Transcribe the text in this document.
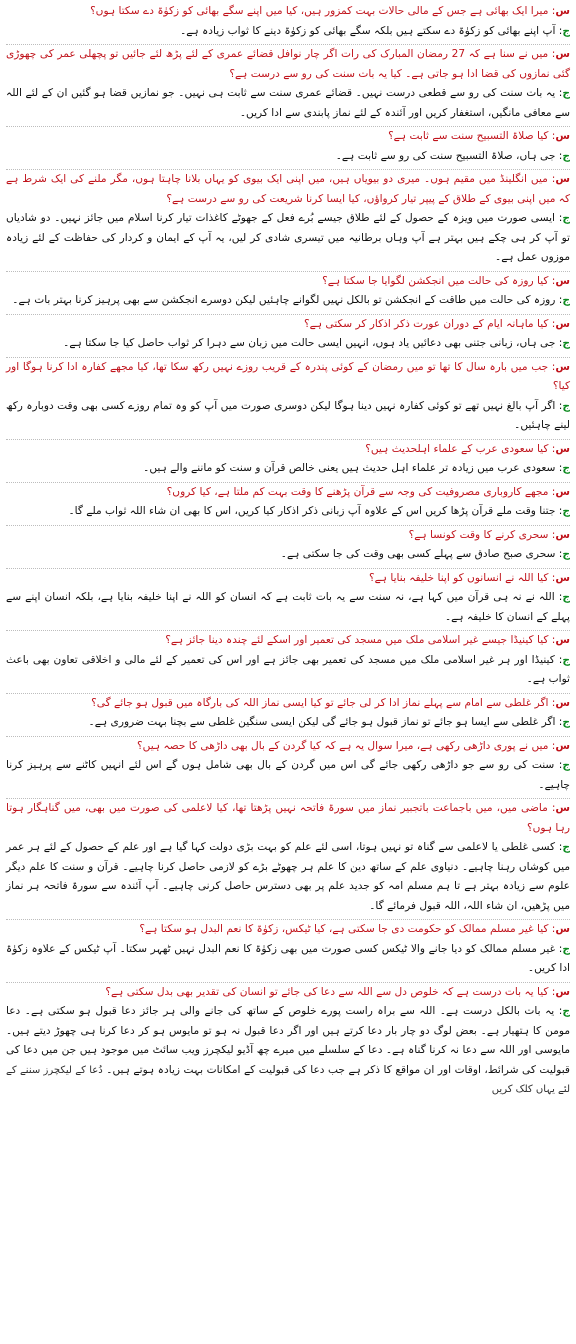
س: میرا ایک بھائی ہے جس کے مالی حالات بہت کمزور ہیں، کیا میں اپنے سگے بھائی کو زکوٰۃ دے سکتا ہوں؟
ج: آپ اپنے بھائی کو زکوٰۃ دے سکتے ہیں بلکہ سگے بھائی کو زکوٰۃ دینے کا ثواب زیادہ ہے۔

س: میں نے سنا ہے کہ 27 رمضان المبارک کی رات اگر چار نوافل قضائے عمری کے لئے پڑھ لئے جائیں تو پچھلی عمر کی چھوڑی گئی نمازوں کی قضا ادا ہو جاتی ہے۔ کیا یہ بات سنت کی رو سے درست ہے؟
ج: یہ بات سنت کی رو سے قطعی درست نہیں۔ قضائے عمری سنت سے ثابت ہی نہیں۔ جو نمازیں قضا ہو گئیں ان کے لئے اللہ سے معافی مانگیں، استغفار کریں اور آئندہ کے لئے نماز پابندی سے ادا کریں۔

س: کیا صلاۃ التسبیح سنت سے ثابت ہے؟
ج: جی ہاں، صلاۃ التسبیح سنت کی رو سے ثابت ہے۔

س: میں انگلینڈ میں مقیم ہوں۔ میری دو بیویاں ہیں، میں اپنی ایک بیوی کو یہاں بلانا چاہتا ہوں، مگر ملنے کی ایک شرط ہے کہ میں اپنی بیوی کے طلاق کے پیپر تیار کرواؤں، کیا ایسا کرنا شریعت کی رو سے درست ہے؟
ج: ایسی صورت میں ویزہ کے حصول کے لئے طلاق جیسے بُرے فعل کے جھوٹے کاغذات تیار کرنا اسلام میں جائز نہیں۔ دو شادیاں تو آپ کر ہی چکے ہیں بہتر ہے آپ وہاں برطانیہ میں تیسری شادی کر لیں، یہ آپ کے ایمان و کردار کی حفاظت کے لئے زیادہ موزوں عمل ہے۔

س: کیا روزہ کی حالت میں انجکشن لگوایا جا سکتا ہے؟
ج: روزہ کی حالت میں طاقت کے انجکشن تو بالکل نہیں لگوانے چاہئیں لیکن دوسرے انجکشن سے بھی پرہیز کرنا بہتر بات ہے۔

س: کیا ماہانہ ایام کے دوران عورت ذکر اذکار کر سکتی ہے؟
ج: جی ہاں، زبانی جتنی بھی دعائیں یاد ہوں، انہیں ایسی حالت میں زبان سے دہرا کر ثواب حاصل کیا جا سکتا ہے۔

س: جب میں بارہ سال کا تھا تو میں رمضان کے کوئی پندرہ کے قریب روزے نہیں رکھ سکا تھا، کیا مجھے کفارہ ادا کرنا ہوگا اور کیا؟
ج: اگر آپ بالغ نہیں تھے تو کوئی کفارہ نہیں دینا ہوگا لیکن دوسری صورت میں آپ کو وہ تمام روزے کسی بھی وقت دوبارہ رکھ لینے چاہئیں۔

س: کیا سعودی عرب کے علماء اہلحدیث ہیں؟
ج: سعودی عرب میں زیادہ تر علماء اہل حدیث ہیں یعنی خالص قرآن و سنت کو ماننے والے ہیں۔

س: مجھے کاروباری مصروفیت کی وجہ سے قرآن پڑھنے کا وقت بہت کم ملتا ہے، کیا کروں؟
ج: جتنا وقت ملے قرآن پڑھا کریں اس کے علاوہ آپ زبانی ذکر اذکار کیا کریں، اس کا بھی ان شاء اللہ ثواب ملے گا۔

س: سحری کرنے کا وقت کونسا ہے؟
ج: سحری صبح صادق سے پہلے کسی بھی وقت کی جا سکتی ہے۔

س: کیا اللہ نے انسانوں کو اپنا خلیفہ بنایا ہے؟
ج: اللہ نے نہ ہی قرآن میں کہا ہے، نہ سنت سے یہ بات ثابت ہے کہ انسان کو اللہ نے اپنا خلیفہ بنایا ہے، بلکہ انسان اپنے سے پہلے کے انسان کا خلیفہ ہے۔

س: کیا کینیڈا جیسے غیر اسلامی ملک میں مسجد کی تعمیر اور اسکے لئے چندہ دینا جائز ہے؟
ج: کینیڈا اور ہر غیر اسلامی ملک میں مسجد کی تعمیر بھی جائز ہے اور اس کی تعمیر کے لئے مالی و اخلاقی تعاون بھی باعث ثواب ہے۔

س: اگر غلطی سے امام سے پہلے نماز ادا کر لی جائے تو کیا ایسی نماز اللہ کی بارگاہ میں قبول ہو جائے گی؟
ج: اگر غلطی سے ایسا ہو جائے تو نماز قبول ہو جائے گی لیکن ایسی سنگین غلطی سے بچنا بہت ضروری ہے۔

س: میں نے پوری داڑھی رکھی ہے، میرا سوال یہ ہے کہ کیا گردن کے بال بھی داڑھی کا حصہ ہیں؟
ج: سنت کی رو سے جو داڑھی رکھی جائے گی اس میں گردن کے بال بھی شامل ہوں گے اس لئے انہیں کاٹنے سے پرہیز کرنا چاہیے۔

س: ماضی میں، میں باجماعت باتجبیر نماز میں سورۃ فاتحہ نہیں پڑھتا تھا، کیا لاعلمی کی صورت میں بھی، میں گناہگار ہوتا رہا ہوں؟
ج: کسی غلطی یا لاعلمی سے گناہ تو نہیں ہوتا، اسی لئے علم کو بہت بڑی دولت کہا گیا ہے اور علم کے حصول کے لئے ہر عمر میں کوشاں رہنا چاہیے۔ دنیاوی علم کے ساتھ دین کا علم ہر چھوٹے بڑے کو لازمی حاصل کرنا چاہیے۔ قرآن و سنت کا علم دیگر علوم سے زیادہ بہتر ہے تا ہم مسلم امہ کو جدید علم پر بھی دسترس حاصل کرنی چاہیے۔ آپ آئندہ سے سورۃ فاتحہ ہر نماز میں پڑھیں، ان شاء اللہ، اللہ قبول فرمائے گا۔

س: کیا غیر مسلم ممالک کو حکومت دی جا سکتی ہے، کیا ٹیکس، زکوٰۃ کا نعم البدل ہو سکتا ہے؟
ج: غیر مسلم ممالک کو دیا جانے والا ٹیکس کسی صورت میں بھی زکوٰۃ کا نعم البدل نہیں ٹھہر سکتا۔ آپ ٹیکس کے علاوہ زکوٰۃ ادا کریں۔

س: کیا یہ بات درست ہے کہ خلوص دل سے اللہ سے دعا کی جائے تو انسان کی تقدیر بھی بدل سکتی ہے؟
ج: یہ بات بالکل درست ہے۔ اللہ سے براہ راست پورے خلوص کے ساتھ کی جانے والی ہر جائز دعا قبول ہو سکتی ہے۔ دعا مومن کا ہتھیار ہے۔ بعض لوگ دو چار بار دعا کرتے ہیں اور اگر دعا قبول نہ ہو تو مایوس ہو کر دعا کرنا ہی چھوڑ دیتے ہیں۔ مایوسی اور اللہ سے دعا نہ کرنا گناہ ہے۔ دعا کے سلسلے میں میرے چھ آڈیو لیکچرز ویب سائٹ میں موجود ہیں جن میں دعا کی قبولیت کی شرائط، اوقات اور ان مواقع کا ذکر ہے جب دعا کی قبولیت کے امکانات بہت زیادہ ہوتے ہیں۔ دُعا کے لیکچرز سننے کے لئے یہاں کلک کریں
